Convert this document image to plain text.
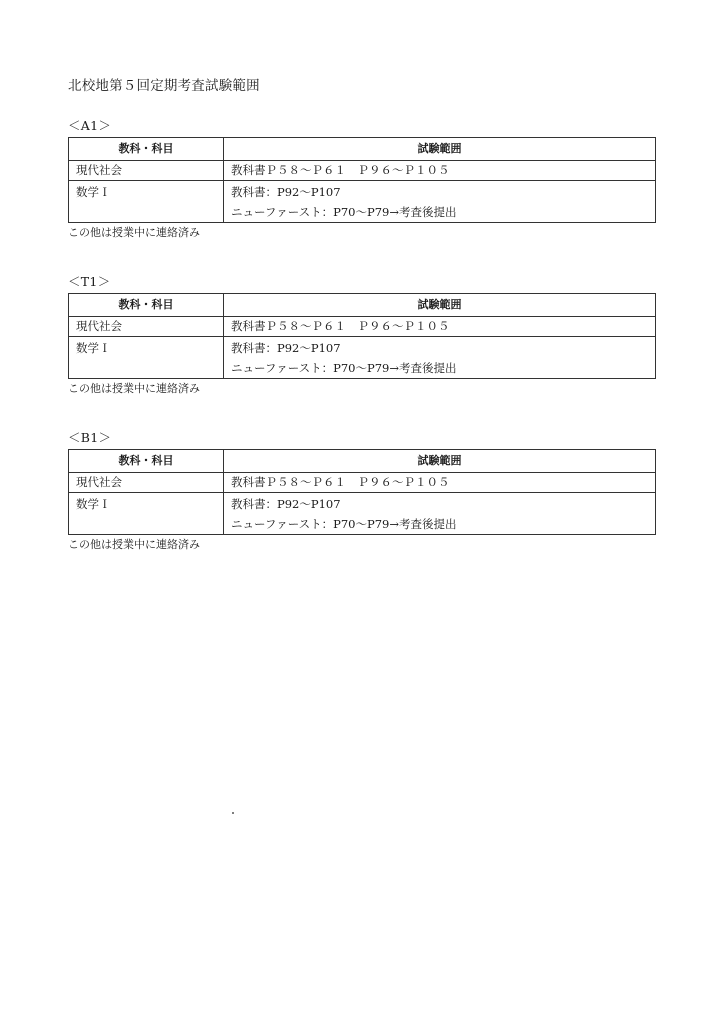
北校地第５回定期考査試験範囲
＜A1＞
教科・科目	試験範囲
現代社会	教科書Ｐ５８～Ｐ６１　Ｐ９６～Ｐ１０５

数学Ｉ	教科書：P92～P107
ニューファースト：P70～P79→考査後提出
この他は授業中に連絡済み
＜T1＞
教科・科目	試験範囲
現代社会	教科書Ｐ５８～Ｐ６１　Ｐ９６～Ｐ１０５

数学Ｉ	教科書：P92～P107
ニューファースト：P70～P79→考査後提出
この他は授業中に連絡済み
＜B1＞
教科・科目	試験範囲
現代社会	教科書Ｐ５８～Ｐ６１　Ｐ９６～Ｐ１０５

数学Ｉ	教科書：P92～P107
ニューファースト：P70～P79→考査後提出
この他は授業中に連絡済み
